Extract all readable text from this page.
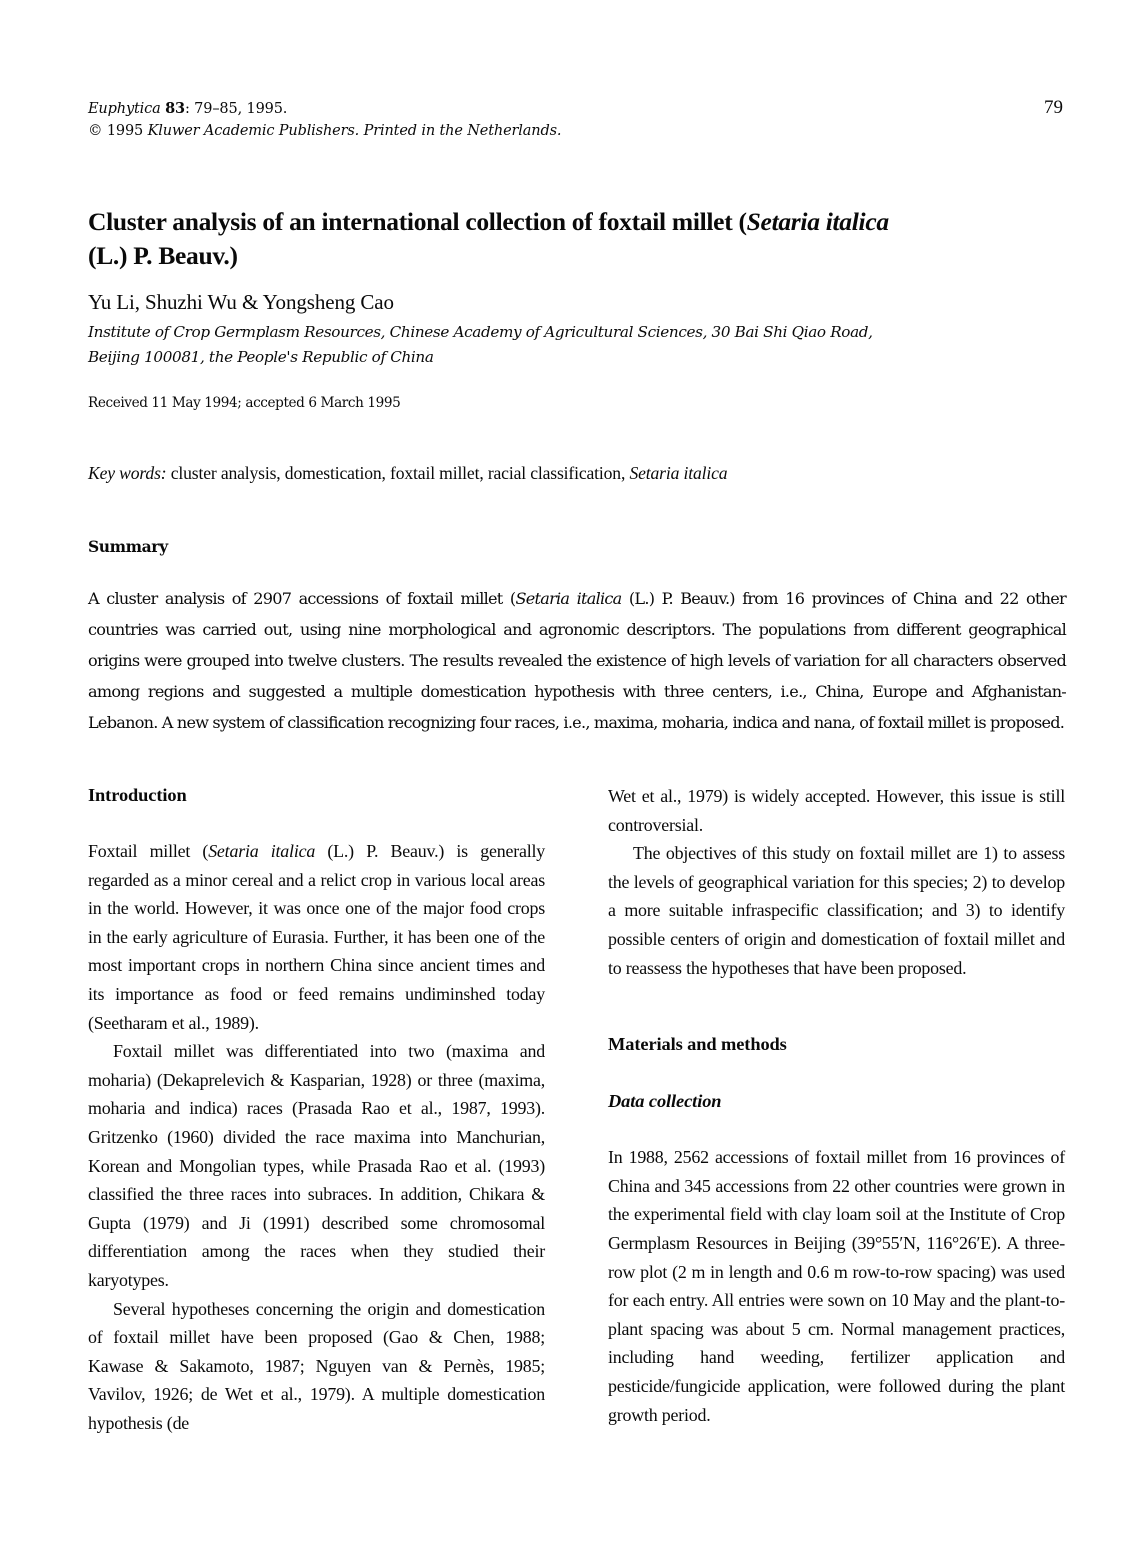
Euphytica 83: 79–85, 1995.
© 1995 Kluwer Academic Publishers. Printed in the Netherlands.
79
Cluster analysis of an international collection of foxtail millet (Setaria italica
(L.) P. Beauv.)
Yu Li, Shuzhi Wu & Yongsheng Cao
Institute of Crop Germplasm Resources, Chinese Academy of Agricultural Sciences, 30 Bai Shi Qiao Road,
Beijing 100081, the People's Republic of China
Received 11 May 1994; accepted 6 March 1995
Key words: cluster analysis, domestication, foxtail millet, racial classification, Setaria italica
Summary
A cluster analysis of 2907 accessions of foxtail millet (Setaria italica (L.) P. Beauv.) from 16 provinces of China and 22 other countries was carried out, using nine morphological and agronomic descriptors. The populations from different geographical origins were grouped into twelve clusters. The results revealed the existence of high levels of variation for all characters observed among regions and suggested a multiple domestication hypothesis with three centers, i.e., China, Europe and Afghanistan-Lebanon. A new system of classification recognizing four races, i.e., maxima, moharia, indica and nana, of foxtail millet is proposed.
Introduction

Foxtail millet (Setaria italica (L.) P. Beauv.) is generally regarded as a minor cereal and a relict crop in various local areas in the world. However, it was once one of the major food crops in the early agriculture of Eurasia. Further, it has been one of the most important crops in northern China since ancient times and its importance as food or feed remains undiminshed today (Seetharam et al., 1989).

Foxtail millet was differentiated into two (maxima and moharia) (Dekaprelevich & Kasparian, 1928) or three (maxima, moharia and indica) races (Prasada Rao et al., 1987, 1993). Gritzenko (1960) divided the race maxima into Manchurian, Korean and Mongolian types, while Prasada Rao et al. (1993) classified the three races into subraces. In addition, Chikara & Gupta (1979) and Ji (1991) described some chromosomal differentiation among the races when they studied their karyotypes.

Several hypotheses concerning the origin and domestication of foxtail millet have been proposed (Gao & Chen, 1988; Kawase & Sakamoto, 1987; Nguyen van & Pernès, 1985; Vavilov, 1926; de Wet et al., 1979). A multiple domestication hypothesis (de

Wet et al., 1979) is widely accepted. However, this issue is still controversial.

The objectives of this study on foxtail millet are 1) to assess the levels of geographical variation for this species; 2) to develop a more suitable infraspecific classification; and 3) to identify possible centers of origin and domestication of foxtail millet and to reassess the hypotheses that have been proposed.

Materials and methods
Data collection

In 1988, 2562 accessions of foxtail millet from 16 provinces of China and 345 accessions from 22 other countries were grown in the experimental field with clay loam soil at the Institute of Crop Germplasm Resources in Beijing (39°55′N, 116°26′E). A three-row plot (2 m in length and 0.6 m row-to-row spacing) was used for each entry. All entries were sown on 10 May and the plant-to-plant spacing was about 5 cm. Normal management practices, including hand weeding, fertilizer application and pesticide/fungicide application, were followed during the plant growth period.
